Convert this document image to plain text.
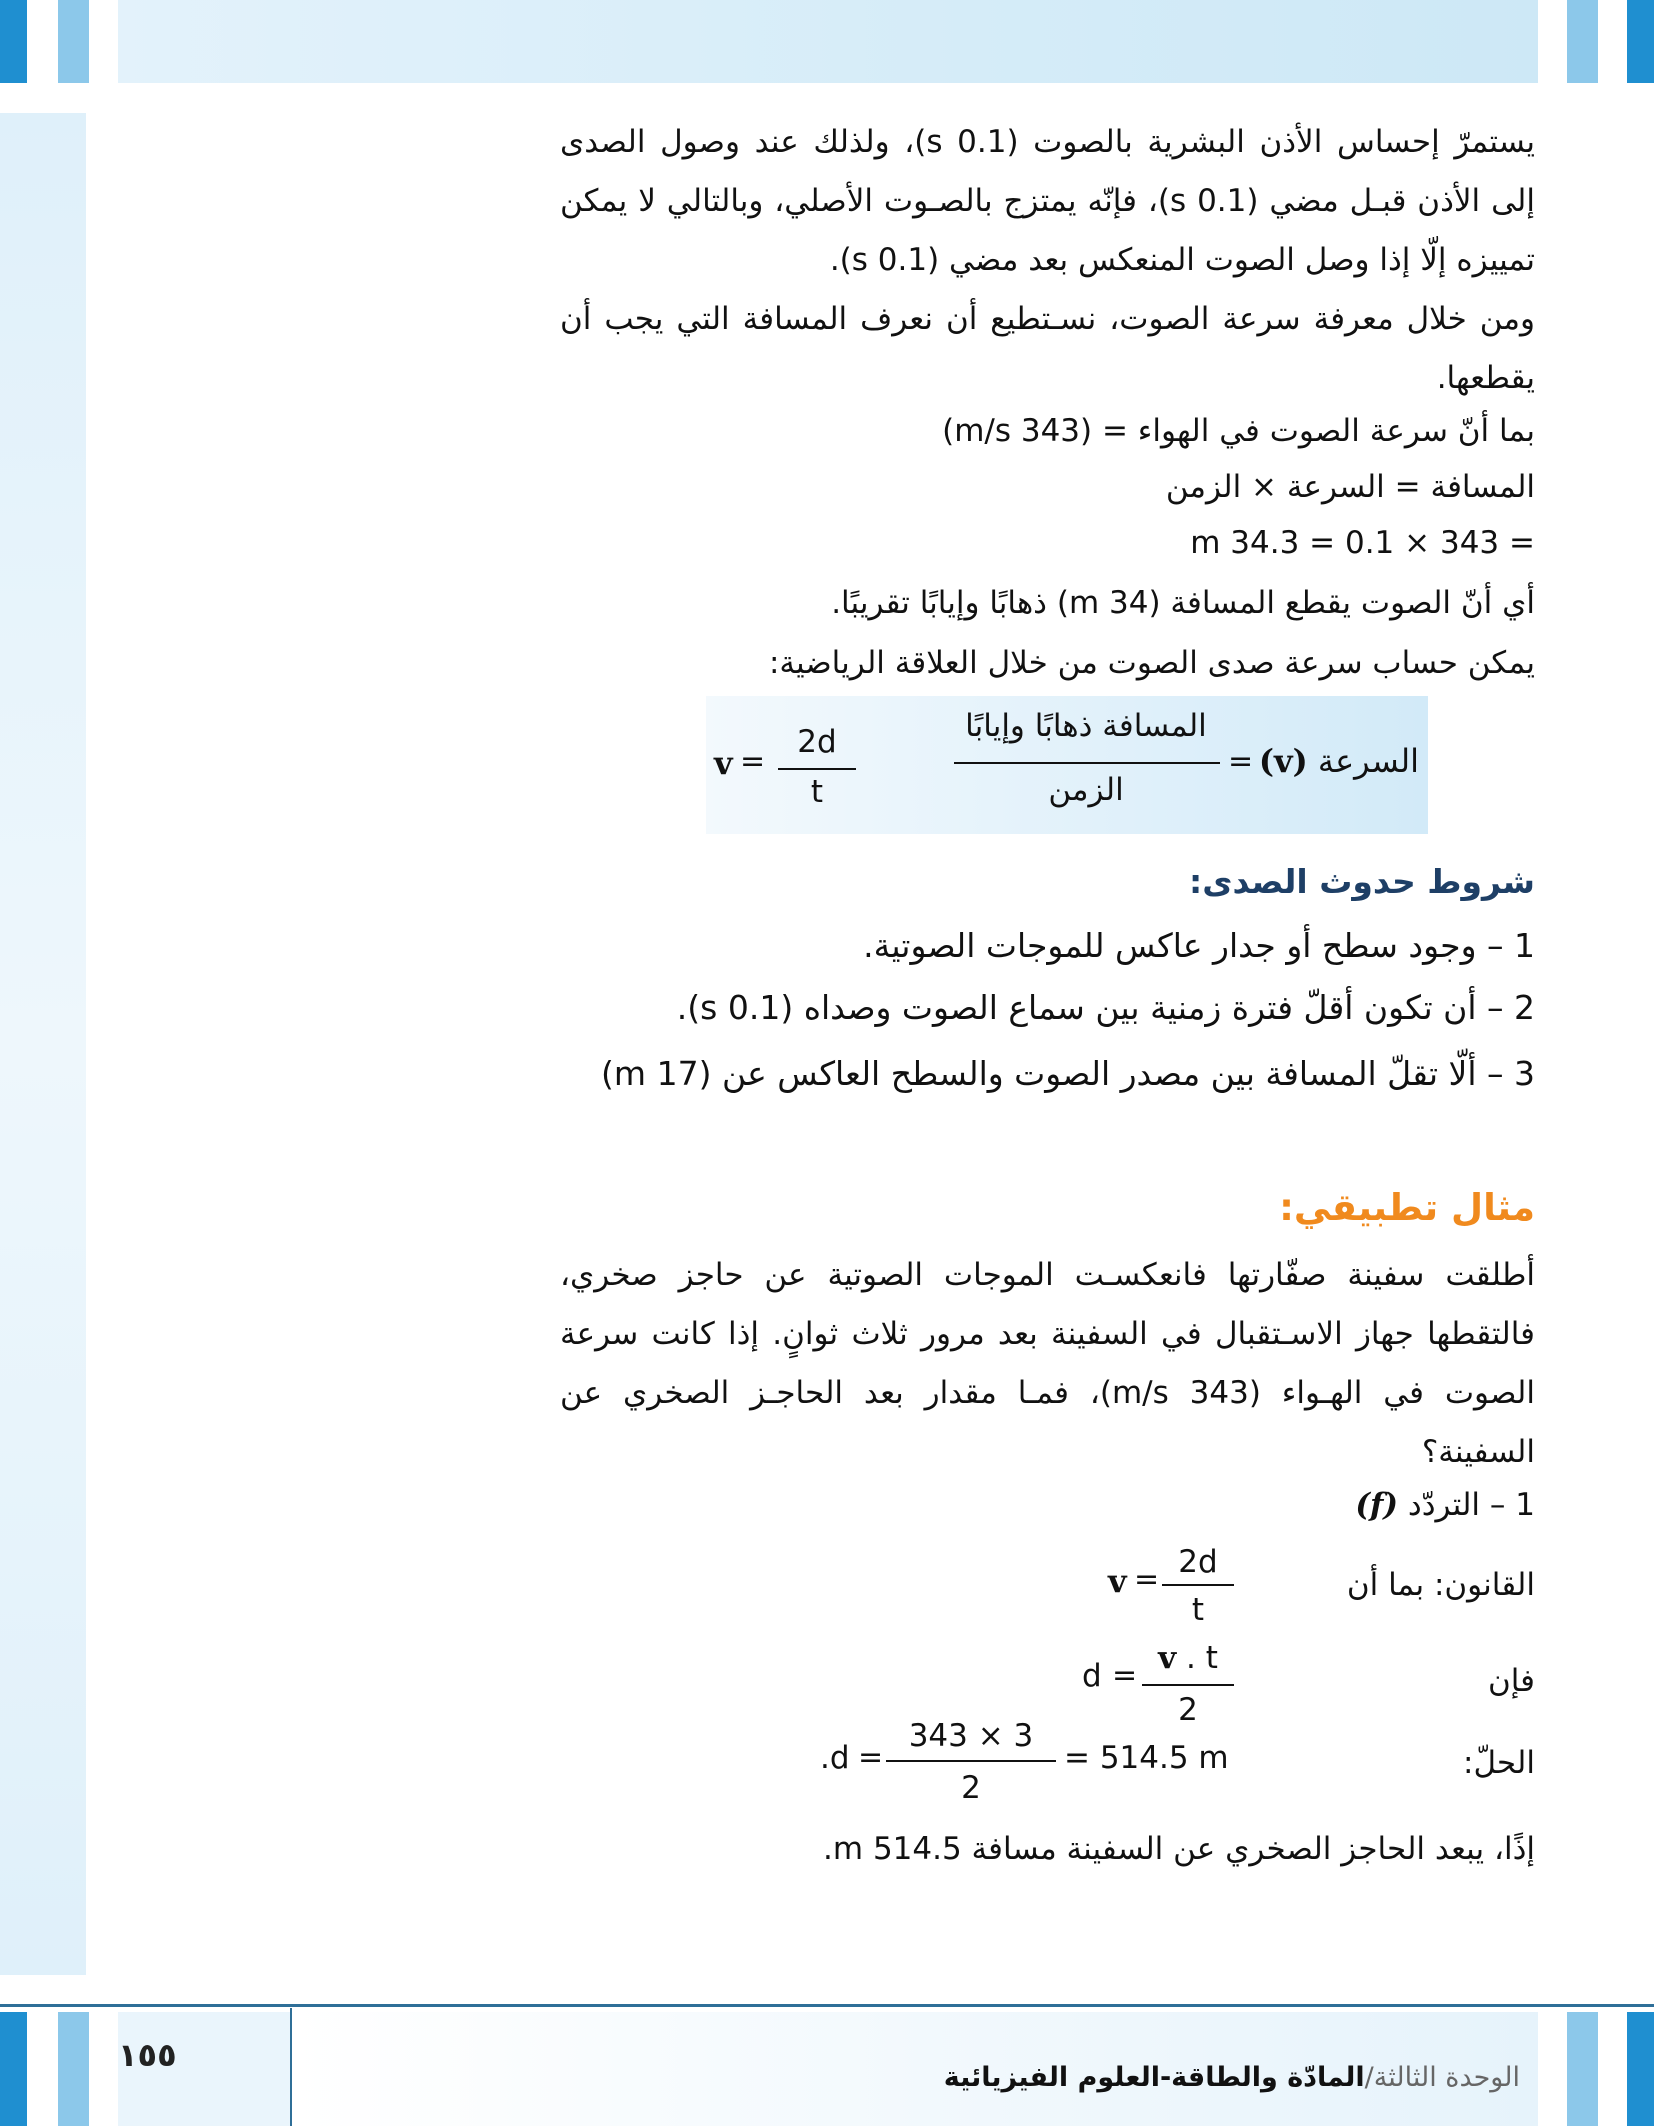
يستمرّ إحساس الأذن البشرية بالصوت (0.1 s)، ولذلك عند وصول الصدى إلى الأذن قبـل مضي (0.1 s)، فإنّه يمتزج بالصـوت الأصلي، وبالتالي لا يمكن تمييزه إلّا إذا وصل الصوت المنعكس بعد مضي (0.1 s).
ومن خلال معرفة سرعة الصوت، نسـتطيع أن نعرف المسافة التي يجب أن يقطعها.
بما أنّ سرعة الصوت في الهواء = (343 m/s)
المسافة = السرعة × الزمن
= 343 × 0.1 = 34.3 m
أي أنّ الصوت يقطع المسافة (34 m) ذهابًا وإيابًا تقريبًا.
يمكن حساب سرعة صدى الصوت من خلال العلاقة الرياضية:
السرعة (v)
=
المسافة ذهابًا وإيابًا
الزمن
v =
2d
t
شروط حدوث الصدى:
1 – وجود سطح أو جدار عاكس للموجات الصوتية.
2 – أن تكون أقلّ فترة زمنية بين سماع الصوت وصداه (0.1 s).
3 – ألّا تقلّ المسافة بين مصدر الصوت والسطح العاكس عن (17 m)
مثال تطبيقي:
أطلقت سفينة صفّارتها فانعكسـت الموجات الصوتية عن حاجز صخري، فالتقطها جهاز الاسـتقبال في السفينة بعد مرور ثلاث ثوانٍ. إذا كانت سرعة الصوت في الهـواء (343 m/s)، فمـا مقدار بعد الحاجـز الصخري عن السفينة؟
1 – التردّد (f)
القانون: بما أن
v = 2d
t
فإن
d = v . t
2
الحلّ:
.d =
343 × 3
2
= 514.5 m
إذًا، يبعد الحاجز الصخري عن السفينة مسافة 514.5 m.
١٥٥
الوحدة الثالثة/المادّة والطاقة-العلوم الفيزيائية
